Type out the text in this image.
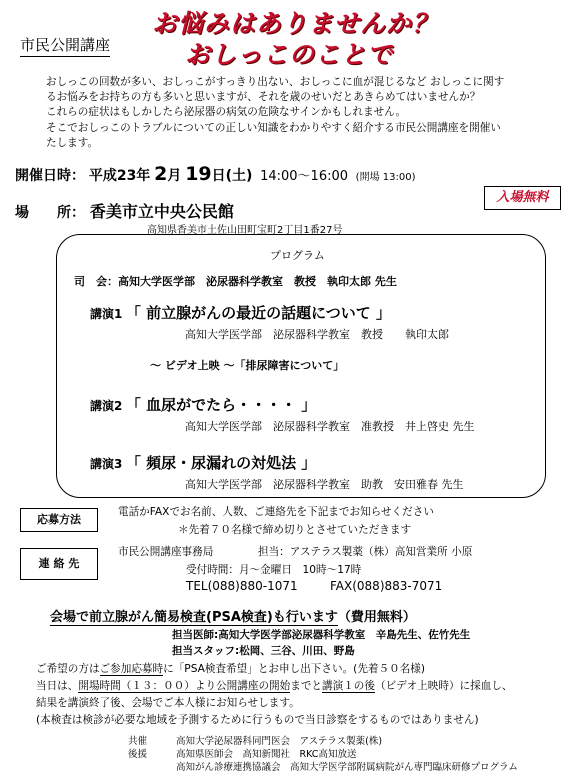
市民公開講座
お悩みはありませんか？
おしっこのことで
おしっこの回数が多い、おしっこがすっきり出ない、おしっこに血が混じるなど おしっこに関す
るお悩みをお持ちの方も多いと思いますが、それを歳のせいだとあきらめてはいませんか？
これらの症状はもしかしたら泌尿器の病気の危険なサインかもしれません。
そこでおしっこのトラブルについての正しい知識をわかりやすく紹介する市民公開講座を開催い
たします。
開催日時： 平成23年 2月 19日(土) 14:00〜16:00 (開場 13:00)
入場無料
場　　所： 香美市立中央公民館
高知県香美市土佐山田町宝町2丁目1番27号
プログラム
司　会：高知大学医学部　泌尿器科学教室　教授　執印太郎 先生
講演1 「 前立腺がんの最近の話題について 」
高知大学医学部　泌尿器科学教室　教授　　執印太郎
〜 ビデオ上映 〜「排尿障害について」
講演2 「 血尿がでたら・・・・ 」
高知大学医学部　泌尿器科学教室　准教授　井上啓史 先生
講演3 「 頻尿・尿漏れの対処法 」
高知大学医学部　泌尿器科学教室　助教　安田雅春 先生
応募方法
電話かFAXでお名前、人数、ご連絡先を下記までお知らせください
＊先着７０名様で締め切りとさせていただきます
連 絡 先
市民公開講座事務局	担当：アステラス製薬（株）高知営業所 小原
受付時間：月〜金曜日　10時〜17時
TEL(088)880-1071	FAX(088)883-7071
会場で前立腺がん簡易検査(PSA検査)も行います（費用無料）
担当医師:高知大学医学部泌尿器科学教室　辛島先生、佐竹先生
担当スタッフ:松岡、三谷、川田、野島
ご希望の方はご参加応募時に「PSA検査希望」とお申し出下さい。(先着５０名様)
当日は、開場時間（１３：００）より公開講座の開始までと講演１の後（ビデオ上映時）に採血し、
結果を講演終了後、会場でご本人様にお知らせします。
(本検査は検診が必要な地域を予測するために行うもので当日診察をするものではありません)
共催	高知大学泌尿器科同門医会　アステラス製薬(株)
後援	高知県医師会　高知新聞社　RKC高知放送
高知がん診療連携協議会　高知大学医学部附属病院がん専門臨床研修プログラム
